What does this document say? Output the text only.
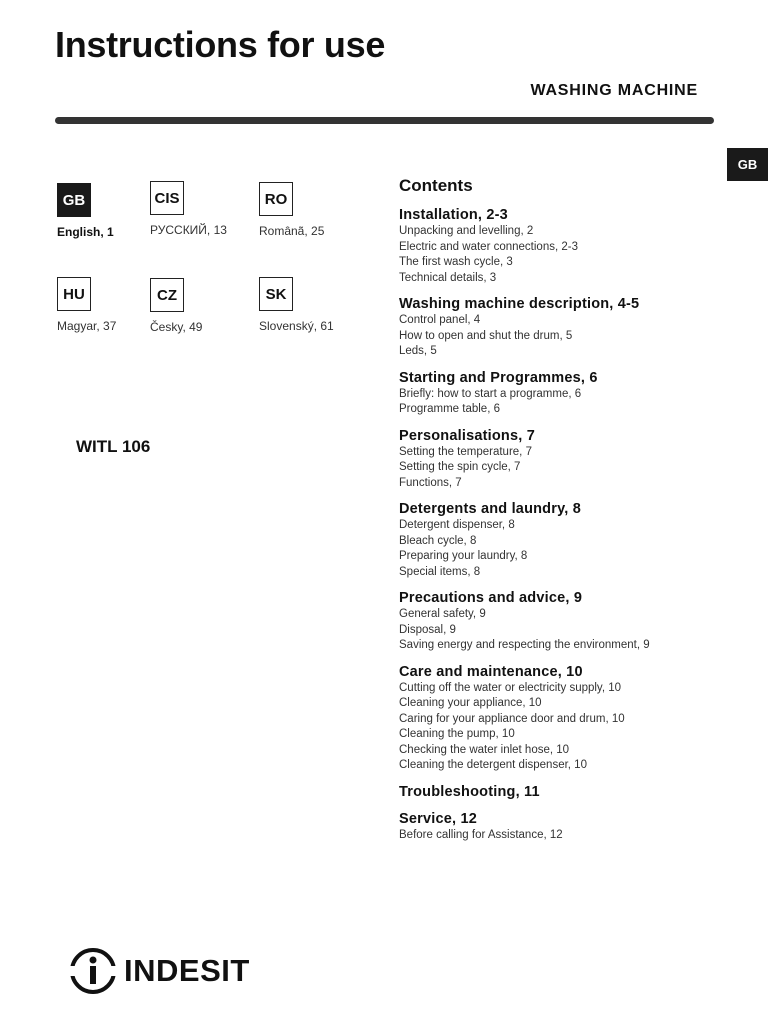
Instructions for use
WASHING MACHINE
GB
GB
English, 1
CIS
РУССКИЙ, 13
RO
Românã, 25
HU
Magyar, 37
CZ
Česky, 49
SK
Slovenský, 61
WITL 106
Contents
Installation, 2-3
Unpacking and levelling, 2
Electric and water connections, 2-3
The first wash cycle, 3
Technical details, 3
Washing machine description, 4-5
Control panel, 4
How to open and shut the drum, 5
Leds, 5
Starting and Programmes, 6
Briefly: how to start a programme, 6
Programme table, 6
Personalisations, 7
Setting the temperature, 7
Setting the spin cycle, 7
Functions, 7
Detergents and laundry, 8
Detergent dispenser, 8
Bleach cycle, 8
Preparing your laundry, 8
Special items, 8
Precautions and advice, 9
General safety, 9
Disposal, 9
Saving energy and respecting the environment, 9
Care and maintenance, 10
Cutting off the water or electricity supply, 10
Cleaning your appliance, 10
Caring for your appliance door and drum, 10
Cleaning the pump, 10
Checking the water inlet hose, 10
Cleaning the detergent dispenser, 10
Troubleshooting, 11
Service, 12
Before calling for Assistance, 12
INDESIT
